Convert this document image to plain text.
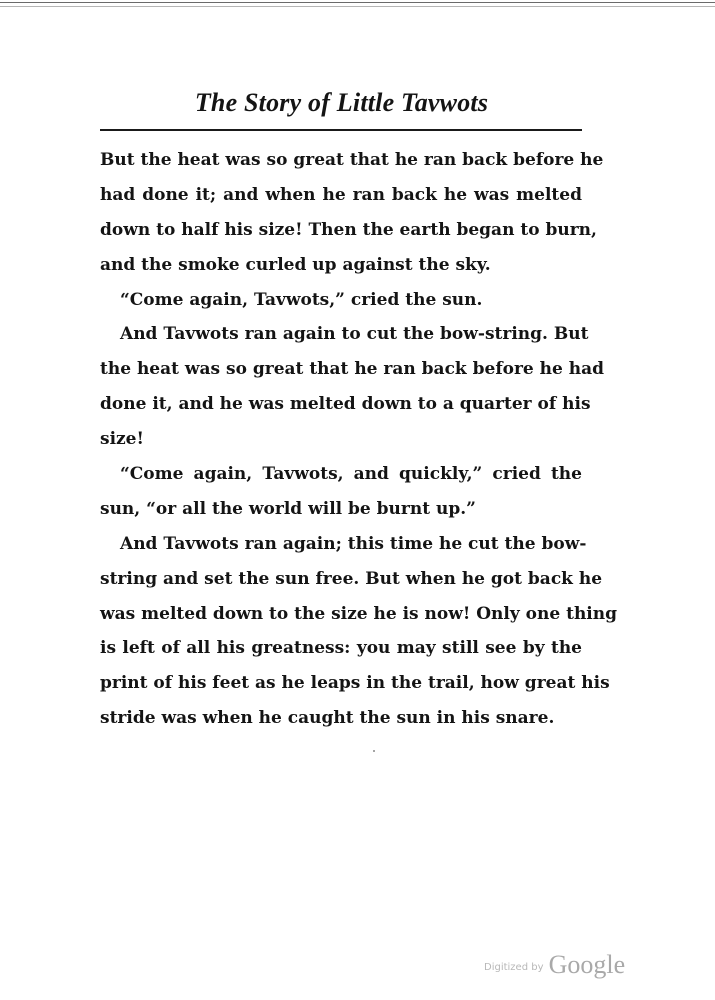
The Story of Little Tavwots
But the heat was so great that he ran back before he
had done it; and when he ran back he was melted
down to half his size! Then the earth began to burn,
and the smoke curled up against the sky.
“Come again, Tavwots,” cried the sun.
And Tavwots ran again to cut the bow-string. But
the heat was so great that he ran back before he had
done it, and he was melted down to a quarter of his
size!
“Come again, Tavwots, and quickly,” cried the
sun, “or all the world will be burnt up.”
And Tavwots ran again; this time he cut the bow-
string and set the sun free. But when he got back he
was melted down to the size he is now! Only one thing
is left of all his greatness: you may still see by the
print of his feet as he leaps in the trail, how great his
stride was when he caught the sun in his snare.
Digitized by Google
